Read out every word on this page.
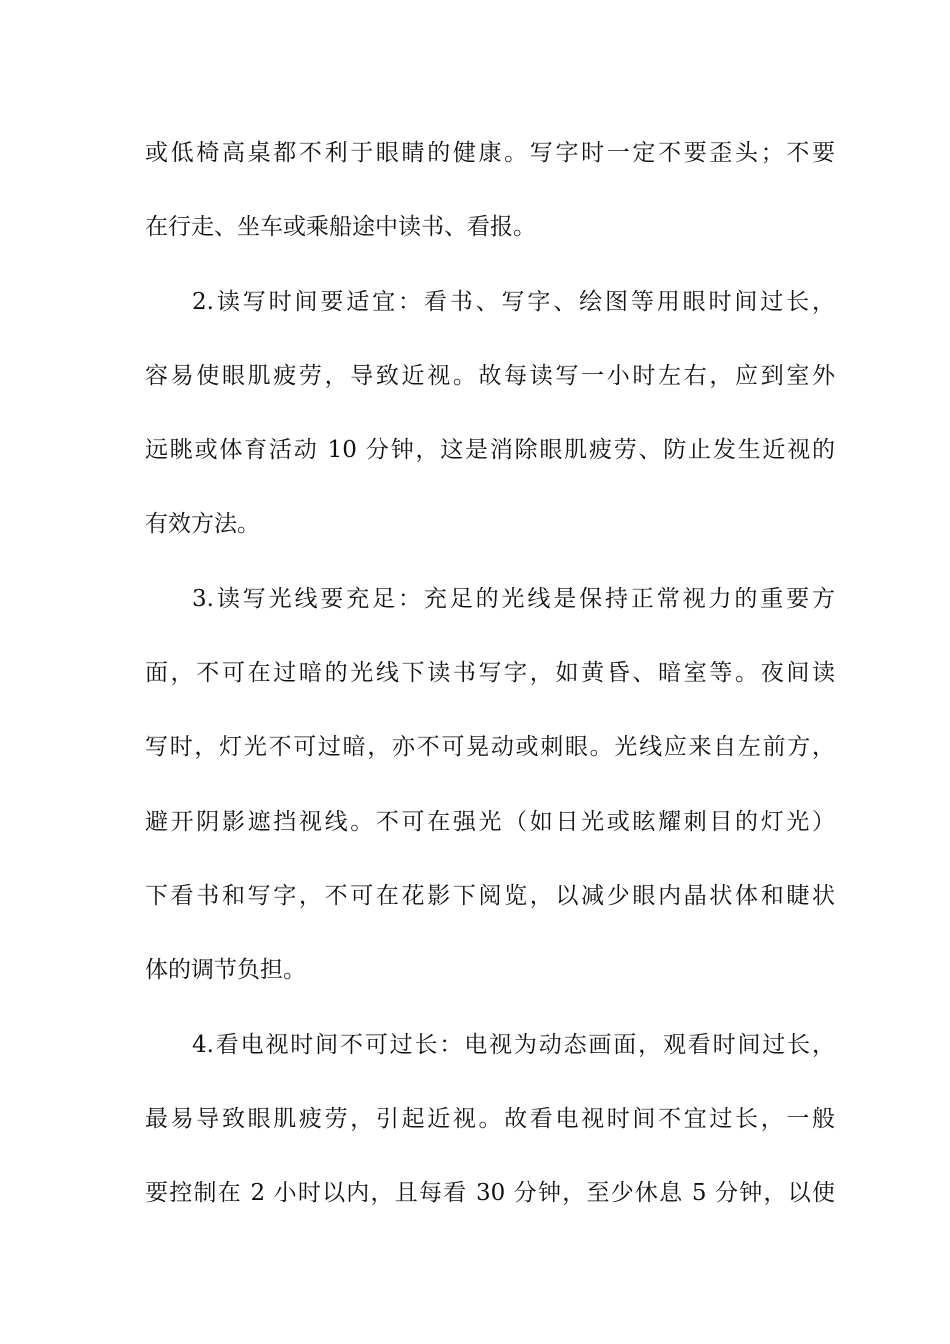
或低椅高桌都不利于眼睛的健康。写字时一定不要歪头；不要
在行走、坐车或乘船途中读书、看报。
2.读写时间要适宜：看书、写字、绘图等用眼时间过长，
容易使眼肌疲劳，导致近视。故每读写一小时左右，应到室外
远眺或体育活动 10 分钟，这是消除眼肌疲劳、防止发生近视的
有效方法。
3.读写光线要充足：充足的光线是保持正常视力的重要方
面，不可在过暗的光线下读书写字，如黄昏、暗室等。夜间读
写时，灯光不可过暗，亦不可晃动或刺眼。光线应来自左前方，
避开阴影遮挡视线。不可在强光（如日光或眩耀刺目的灯光）
下看书和写字，不可在花影下阅览，以减少眼内晶状体和睫状
体的调节负担。
4.看电视时间不可过长：电视为动态画面，观看时间过长，
最易导致眼肌疲劳，引起近视。故看电视时间不宜过长，一般
要控制在 2 小时以内，且每看 30 分钟，至少休息 5 分钟，以使
